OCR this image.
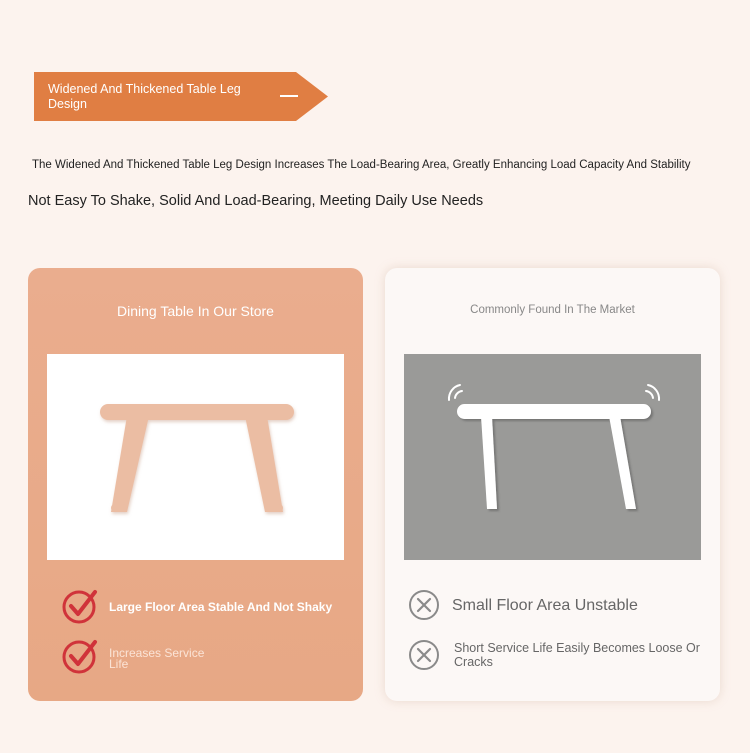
Widened And Thickened Table Leg Design
The Widened And Thickened Table Leg Design Increases The Load-Bearing Area, Greatly Enhancing Load Capacity And Stability
Not Easy To Shake, Solid And Load-Bearing, Meeting Daily Use Needs
Dining Table In Our Store
Large Floor Area Stable And Not Shaky
Increases Service Life
Commonly Found In The Market
Small Floor Area Unstable
Short Service Life Easily Becomes Loose Or Cracks
